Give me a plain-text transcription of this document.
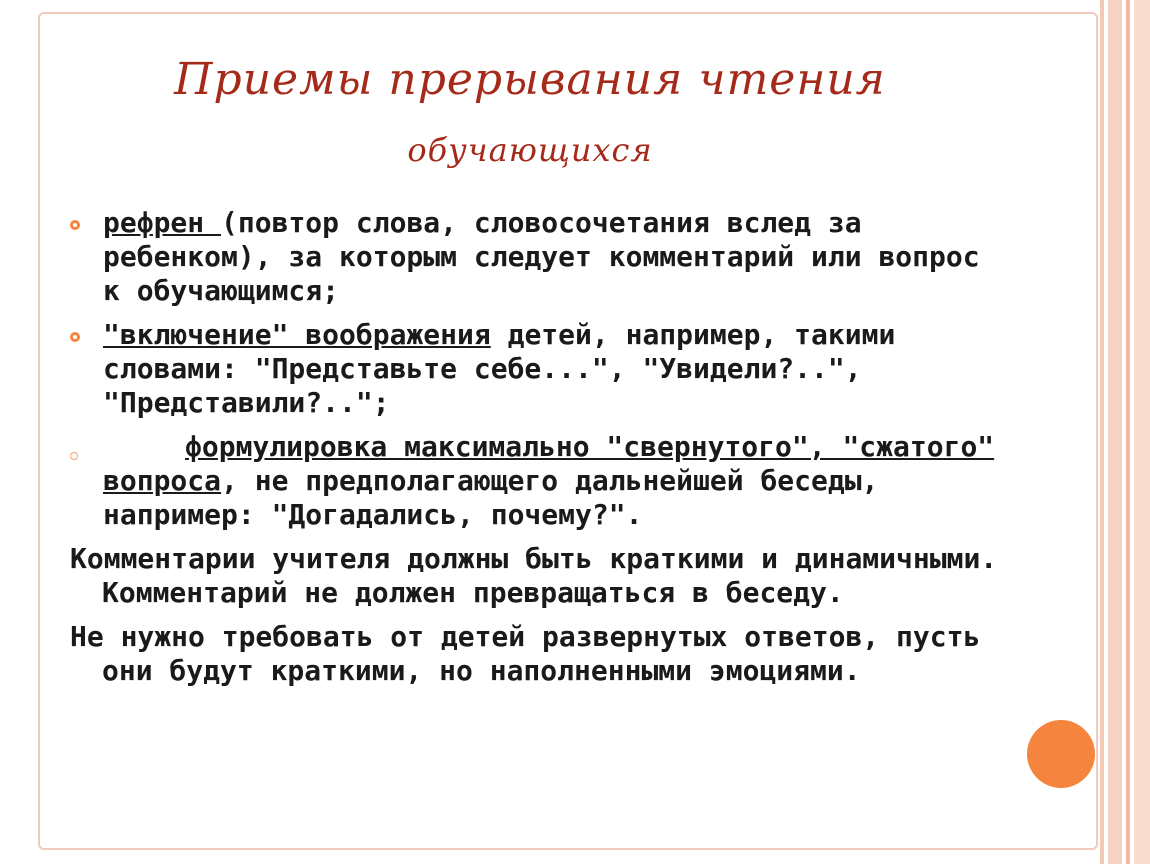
Приемы прерывания чтения
обучающихся
рефрен (повтор слова, словосочетания вслед за ребенком), за которым следует комментарий или вопрос к обучающимся;
"включение" воображения детей, например, такими словами: "Представьте себе...", "Увидели?..", "Представили?..";
формулировка максимально "свернутого", "сжатого" вопроса, не предполагающего дальнейшей беседы, например: "Догадались, почему?".
Комментарии учителя должны быть краткими и динамичными. Комментарий не должен превращаться в беседу.
Не нужно требовать от детей развернутых ответов, пусть они будут краткими, но наполненными эмоциями.
